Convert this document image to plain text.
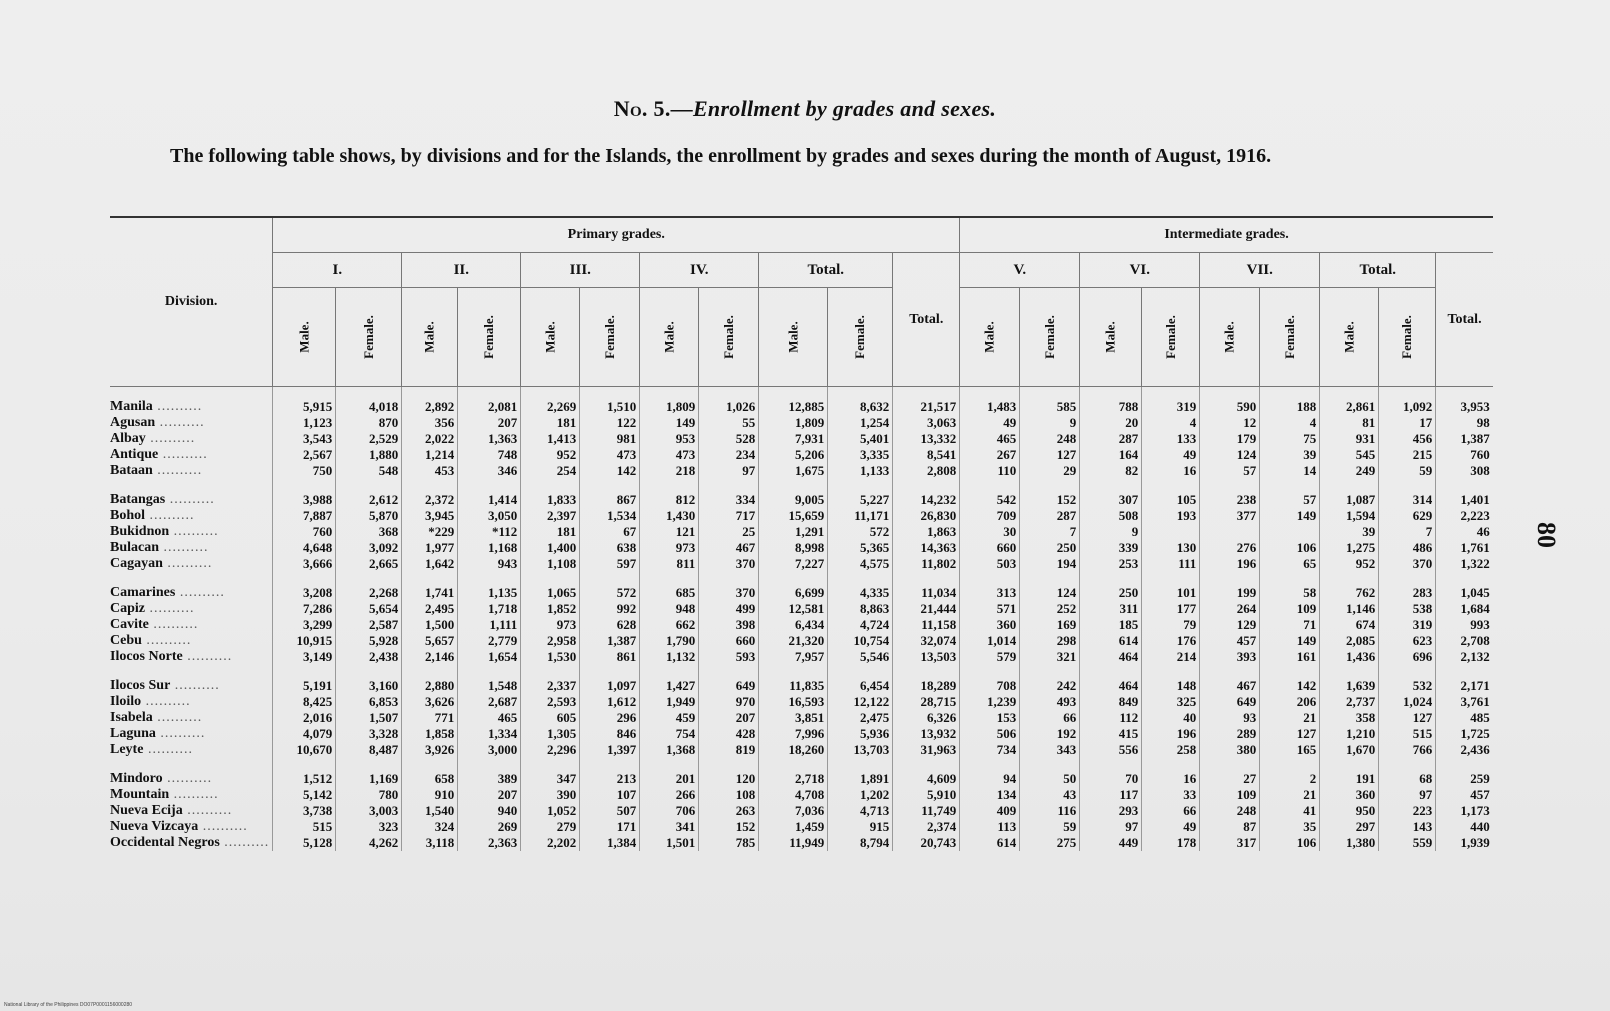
No. 5.—Enrollment by grades and sexes.
The following table shows, by divisions and for the Islands, the enrollment by grades and sexes during the month of August, 1916.
80
Division.	Primary grades.											Intermediate grades.								
	I.		II.		III.		IV.		Total.		Total.	V.		VI.		VII.		Total.		Total.
	Male.	Female.	Male.	Female.	Male.	Female.	Male.	Female.	Male.	Female.		Male.	Female.	Male.	Female.	Male.	Female.	Male.	Female.	
Manila ..........	5,915	4,018	2,892	2,081	2,269	1,510	1,809	1,026	12,885	8,632	21,517	1,483	585	788	319	590	188	2,861	1,092	3,953
Agusan ..........	1,123	870	356	207	181	122	149	55	1,809	1,254	3,063	49	9	20	4	12	4	81	17	98
Albay ..........	3,543	2,529	2,022	1,363	1,413	981	953	528	7,931	5,401	13,332	465	248	287	133	179	75	931	456	1,387
Antique ..........	2,567	1,880	1,214	748	952	473	473	234	5,206	3,335	8,541	267	127	164	49	124	39	545	215	760
Bataan ..........	750	548	453	346	254	142	218	97	1,675	1,133	2,808	110	29	82	16	57	14	249	59	308
Batangas ..........	3,988	2,612	2,372	1,414	1,833	867	812	334	9,005	5,227	14,232	542	152	307	105	238	57	1,087	314	1,401
Bohol ..........	7,887	5,870	3,945	3,050	2,397	1,534	1,430	717	15,659	11,171	26,830	709	287	508	193	377	149	1,594	629	2,223
Bukidnon ..........	760	368	*229	*112	181	67	121	25	1,291	572	1,863	30	7	9				39	7	46
Bulacan ..........	4,648	3,092	1,977	1,168	1,400	638	973	467	8,998	5,365	14,363	660	250	339	130	276	106	1,275	486	1,761
Cagayan ..........	3,666	2,665	1,642	943	1,108	597	811	370	7,227	4,575	11,802	503	194	253	111	196	65	952	370	1,322
Camarines ..........	3,208	2,268	1,741	1,135	1,065	572	685	370	6,699	4,335	11,034	313	124	250	101	199	58	762	283	1,045
Capiz ..........	7,286	5,654	2,495	1,718	1,852	992	948	499	12,581	8,863	21,444	571	252	311	177	264	109	1,146	538	1,684
Cavite ..........	3,299	2,587	1,500	1,111	973	628	662	398	6,434	4,724	11,158	360	169	185	79	129	71	674	319	993
Cebu ..........	10,915	5,928	5,657	2,779	2,958	1,387	1,790	660	21,320	10,754	32,074	1,014	298	614	176	457	149	2,085	623	2,708
Ilocos Norte ..........	3,149	2,438	2,146	1,654	1,530	861	1,132	593	7,957	5,546	13,503	579	321	464	214	393	161	1,436	696	2,132
Ilocos Sur ..........	5,191	3,160	2,880	1,548	2,337	1,097	1,427	649	11,835	6,454	18,289	708	242	464	148	467	142	1,639	532	2,171
Iloilo ..........	8,425	6,853	3,626	2,687	2,593	1,612	1,949	970	16,593	12,122	28,715	1,239	493	849	325	649	206	2,737	1,024	3,761
Isabela ..........	2,016	1,507	771	465	605	296	459	207	3,851	2,475	6,326	153	66	112	40	93	21	358	127	485
Laguna ..........	4,079	3,328	1,858	1,334	1,305	846	754	428	7,996	5,936	13,932	506	192	415	196	289	127	1,210	515	1,725
Leyte ..........	10,670	8,487	3,926	3,000	2,296	1,397	1,368	819	18,260	13,703	31,963	734	343	556	258	380	165	1,670	766	2,436
Mindoro ..........	1,512	1,169	658	389	347	213	201	120	2,718	1,891	4,609	94	50	70	16	27	2	191	68	259
Mountain ..........	5,142	780	910	207	390	107	266	108	4,708	1,202	5,910	134	43	117	33	109	21	360	97	457
Nueva Ecija ..........	3,738	3,003	1,540	940	1,052	507	706	263	7,036	4,713	11,749	409	116	293	66	248	41	950	223	1,173
Nueva Vizcaya ..........	515	323	324	269	279	171	341	152	1,459	915	2,374	113	59	97	49	87	35	297	143	440
Occidental Negros ..........	5,128	4,262	3,118	2,363	2,202	1,384	1,501	785	11,949	8,794	20,743	614	275	449	178	317	106	1,380	559	1,939
National Library of the Philippines DO07P0001156000280
